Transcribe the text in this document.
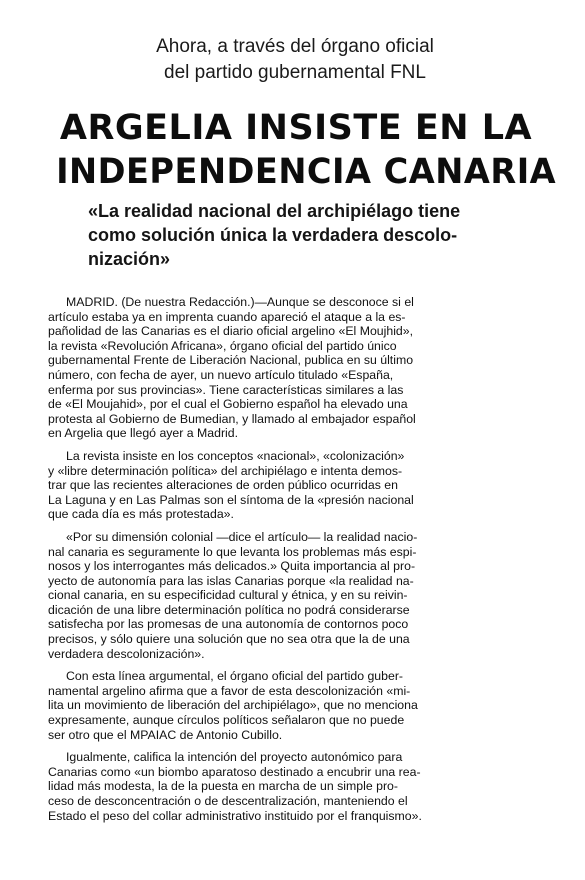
Ahora, a través del órgano oficial
del partido gubernamental FNL
ARGELIA INSISTE EN LA
INDEPENDENCIA CANARIA
«La realidad nacional del archipiélago tiene
como solución única la verdadera descolo-
nización»
MADRID. (De nuestra Redacción.)—Aunque se desconoce si el
artículo estaba ya en imprenta cuando apareció el ataque a la es-
pañolidad de las Canarias es el diario oficial argelino «El Moujhid»,
la revista «Revolución Africana», órgano oficial del partido único
gubernamental Frente de Liberación Nacional, publica en su último
número, con fecha de ayer, un nuevo artículo titulado «España,
enferma por sus provincias». Tiene características similares a las
de «El Moujahid», por el cual el Gobierno español ha elevado una
protesta al Gobierno de Bumedian, y llamado al embajador español
en Argelia que llegó ayer a Madrid.
La revista insiste en los conceptos «nacional», «colonización»
y «libre determinación política» del archipiélago e intenta demos-
trar que las recientes alteraciones de orden público ocurridas en
La Laguna y en Las Palmas son el síntoma de la «presión nacional
que cada día es más protestada».
«Por su dimensión colonial —dice el artículo— la realidad nacio-
nal canaria es seguramente lo que levanta los problemas más espi-
nosos y los interrogantes más delicados.» Quita importancia al pro-
yecto de autonomía para las islas Canarias porque «la realidad na-
cional canaria, en su especificidad cultural y étnica, y en su reivin-
dicación de una libre determinación política no podrá considerarse
satisfecha por las promesas de una autonomía de contornos poco
precisos, y sólo quiere una solución que no sea otra que la de una
verdadera descolonización».
Con esta línea argumental, el órgano oficial del partido guber-
namental argelino afirma que a favor de esta descolonización «mi-
lita un movimiento de liberación del archipiélago», que no menciona
expresamente, aunque círculos políticos señalaron que no puede
ser otro que el MPAIAC de Antonio Cubillo.
Igualmente, califica la intención del proyecto autonómico para
Canarias como «un biombo aparatoso destinado a encubrir una rea-
lidad más modesta, la de la puesta en marcha de un simple pro-
ceso de desconcentración o de descentralización, manteniendo el
Estado el peso del collar administrativo instituido por el franquismo».
